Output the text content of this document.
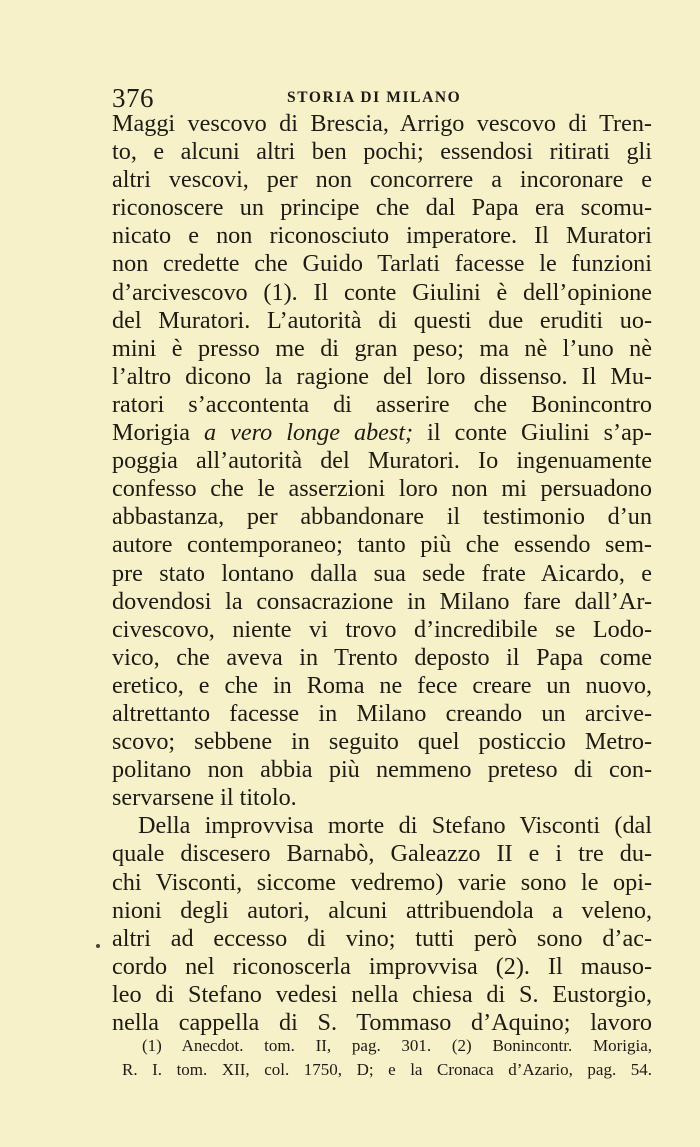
376	STORIA DI MILANO
Maggi vescovo di Brescia, Arrigo vescovo di Tren-
to, e alcuni altri ben pochi; essendosi ritirati gli
altri vescovi, per non concorrere a incoronare e
riconoscere un principe che dal Papa era scomu-
nicato e non riconosciuto imperatore. Il Muratori
non credette che Guido Tarlati facesse le funzioni
d’arcivescovo (1). Il conte Giulini è dell’opinione
del Muratori. L’autorità di questi due eruditi uo-
mini è presso me di gran peso; ma nè l’uno nè
l’altro dicono la ragione del loro dissenso. Il Mu-
ratori s’accontenta di asserire che Bonincontro
Morigia a vero longe abest; il conte Giulini s’ap-
poggia all’autorità del Muratori. Io ingenuamente
confesso che le asserzioni loro non mi persuadono
abbastanza, per abbandonare il testimonio d’un
autore contemporaneo; tanto più che essendo sem-
pre stato lontano dalla sua sede frate Aicardo, e
dovendosi la consacrazione in Milano fare dall’Ar-
civescovo, niente vi trovo d’incredibile se Lodo-
vico, che aveva in Trento deposto il Papa come
eretico, e che in Roma ne fece creare un nuovo,
altrettanto facesse in Milano creando un arcive-
scovo; sebbene in seguito quel posticcio Metro-
politano non abbia più nemmeno preteso di con-
servarsene il titolo.
Della improvvisa morte di Stefano Visconti (dal
quale discesero Barnabò, Galeazzo II e i tre du-
chi Visconti, siccome vedremo) varie sono le opi-
nioni degli autori, alcuni attribuendola a veleno,
altri ad eccesso di vino; tutti però sono d’ac-
cordo nel riconoscerla improvvisa (2). Il mauso-
leo di Stefano vedesi nella chiesa di S. Eustorgio,
nella cappella di S. Tommaso d’Aquino; lavoro
(1) Anecdot. tom. II, pag. 301. (2) Bonincontr. Morigia,
R. I. tom. XII, col. 1750, D; e la Cronaca d’Azario, pag. 54.
